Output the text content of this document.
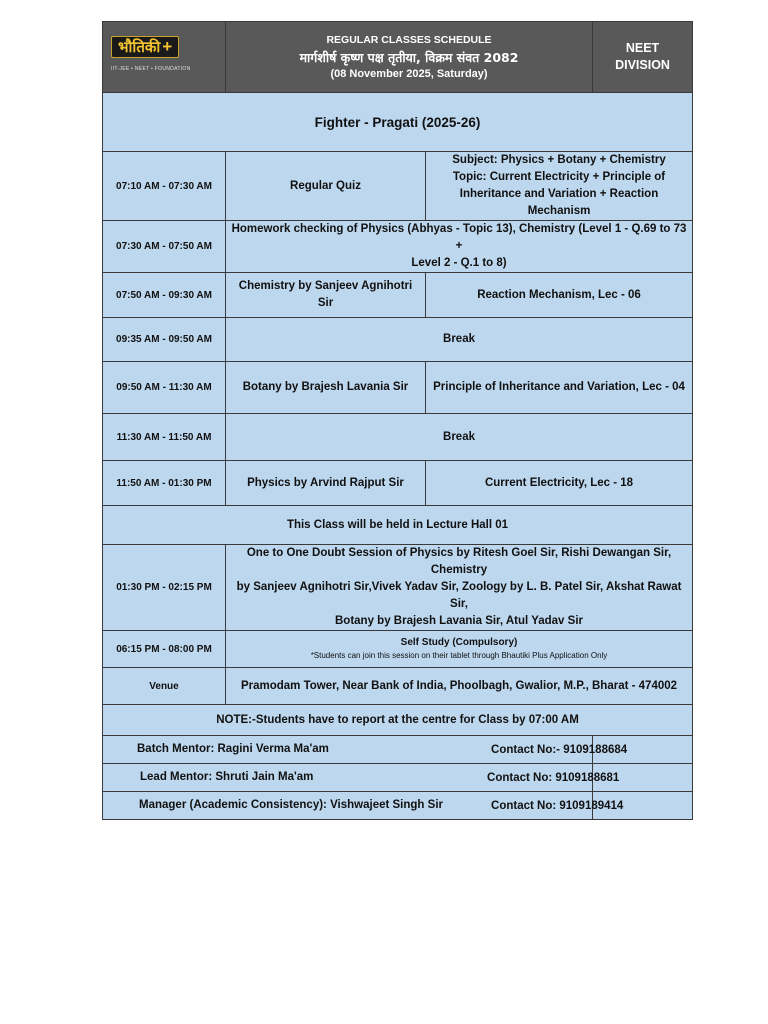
भौतिकी +
IIT-JEE • NEET • FOUNDATION	REGULAR CLASSES SCHEDULE
मार्गशीर्ष कृष्ण पक्ष तृतीया, विक्रम संवत 2082
(08 November 2025, Saturday)		NEET
DIVISION

Fighter - Pragati (2025-26)			
07:10 AM - 07:30 AM	Regular Quiz	Subject: Physics + Botany + Chemistry
Topic: Current Electricity + Principle of
Inheritance and Variation + Reaction Mechanism	

07:30 AM - 07:50 AM	Homework checking of Physics (Abhyas - Topic 13), Chemistry (Level 1 - Q.69 to 73 +
Level 2 - Q.1 to 8)		

07:50 AM - 09:30 AM	Chemistry by Sanjeev Agnihotri Sir	Reaction Mechanism, Lec - 06	
09:35 AM - 09:50 AM	Break		
09:50 AM - 11:30 AM	Botany by Brajesh Lavania Sir	Principle of Inheritance and Variation, Lec - 04	
11:30 AM - 11:50 AM	Break		
11:50 AM - 01:30 PM	Physics by Arvind Rajput Sir	Current Electricity, Lec - 18	
This Class will be held in Lecture Hall 01			
01:30 PM - 02:15 PM	One to One Doubt Session of Physics by Ritesh Goel Sir, Rishi Dewangan Sir, Chemistry
by Sanjeev Agnihotri Sir,Vivek Yadav Sir, Zoology by L. B. Patel Sir, Akshat Rawat Sir,
Botany by Brajesh Lavania Sir, Atul Yadav Sir		

06:15 PM - 08:00 PM	Self Study (Compulsory)
*Students can join this session on their tablet through Bhautiki Plus Application Only		

Venue	Pramodam Tower, Near Bank of India, Phoolbagh, Gwalior, M.P., Bharat - 474002		
NOTE:-Students have to report at the centre for Class by 07:00 AM			
Batch Mentor: Ragini Verma Ma'am			Contact No:- 9109188684

Lead Mentor: Shruti Jain Ma'am			Contact No: 9109188681

Manager (Academic Consistency): Vishwajeet Singh Sir			Contact No: 9109189414
